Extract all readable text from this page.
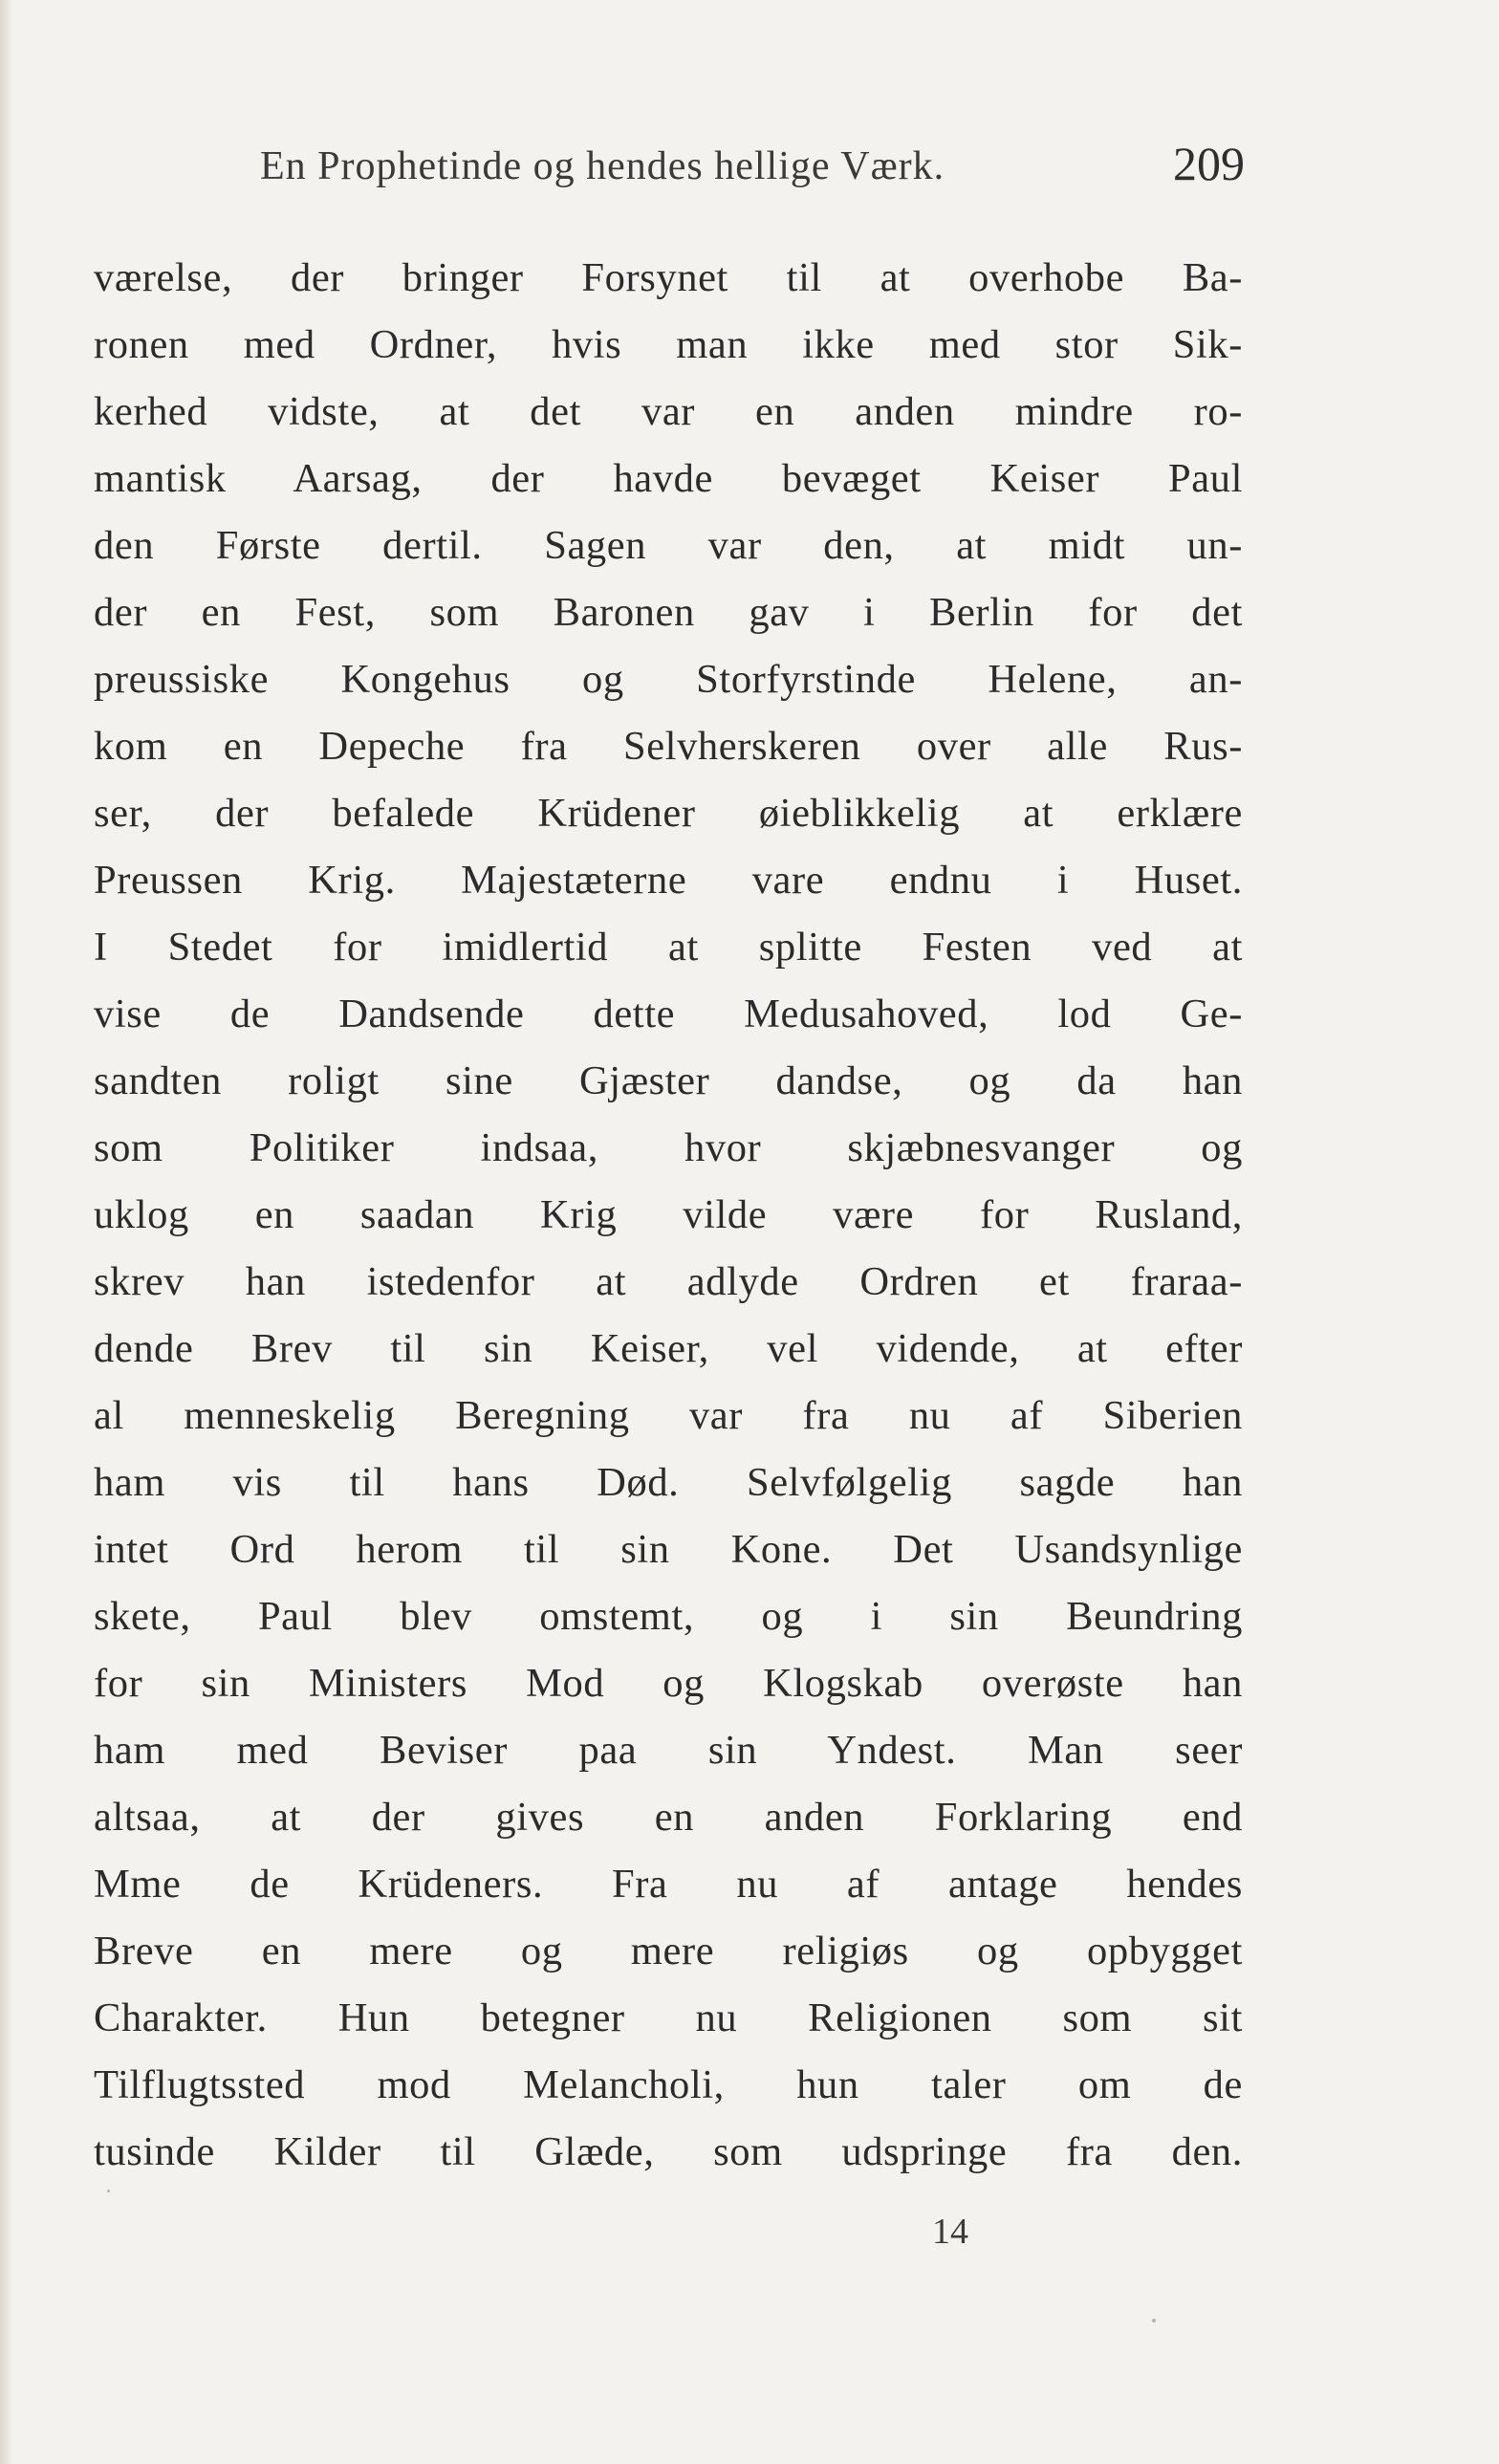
En Prophetinde og hendes hellige Værk.	209
værelse, der bringer Forsynet til at overhobe Ba-
ronen med Ordner, hvis man ikke med stor Sik-
kerhed vidste, at det var en anden mindre ro-
mantisk Aarsag, der havde bevæget Keiser Paul
den Første dertil. Sagen var den, at midt un-
der en Fest, som Baronen gav i Berlin for det
preussiske Kongehus og Storfyrstinde Helene, an-
kom en Depeche fra Selvherskeren over alle Rus-
ser, der befalede Krüdener øieblikkelig at erklære
Preussen Krig. Majestæterne vare endnu i Huset.
I Stedet for imidlertid at splitte Festen ved at
vise de Dandsende dette Medusahoved, lod Ge-
sandten roligt sine Gjæster dandse, og da han
som Politiker indsaa, hvor skjæbnesvanger og
uklog en saadan Krig vilde være for Rusland,
skrev han istedenfor at adlyde Ordren et fraraa-
dende Brev til sin Keiser, vel vidende, at efter
al menneskelig Beregning var fra nu af Siberien
ham vis til hans Død. Selvfølgelig sagde han
intet Ord herom til sin Kone. Det Usandsynlige
skete, Paul blev omstemt, og i sin Beundring
for sin Ministers Mod og Klogskab overøste han
ham med Beviser paa sin Yndest. Man seer
altsaa, at der gives en anden Forklaring end
Mme de Krüdeners. Fra nu af antage hendes
Breve en mere og mere religiøs og opbygget
Charakter. Hun betegner nu Religionen som sit
Tilflugtssted mod Melancholi, hun taler om de
tusinde Kilder til Glæde, som udspringe fra den.
14
